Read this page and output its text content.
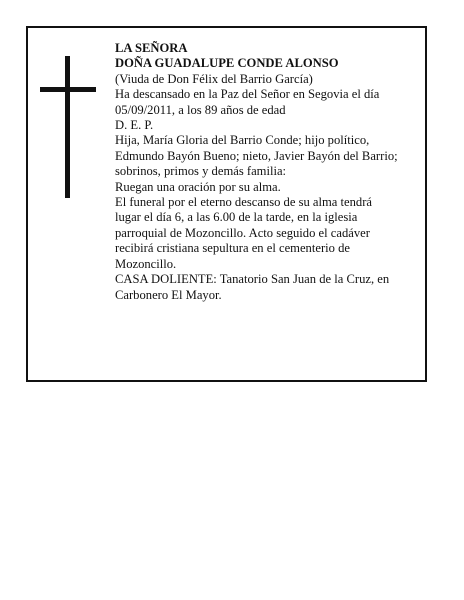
LA SEÑORA
DOÑA GUADALUPE CONDE ALONSO
(Viuda de Don Félix del Barrio García)
Ha descansado en la Paz del Señor en Segovia el día
05/09/2011, a los 89 años de edad
D. E. P.
Hija, María Gloria del Barrio Conde; hijo político,
Edmundo Bayón Bueno; nieto, Javier Bayón del Barrio;
sobrinos, primos y demás familia:
Ruegan una oración por su alma.
El funeral por el eterno descanso de su alma tendrá
lugar el día 6, a las 6.00 de la tarde, en la iglesia
parroquial de Mozoncillo. Acto seguido el cadáver
recibirá cristiana sepultura en el cementerio de
Mozoncillo.
CASA DOLIENTE: Tanatorio San Juan de la Cruz, en
Carbonero El Mayor.
